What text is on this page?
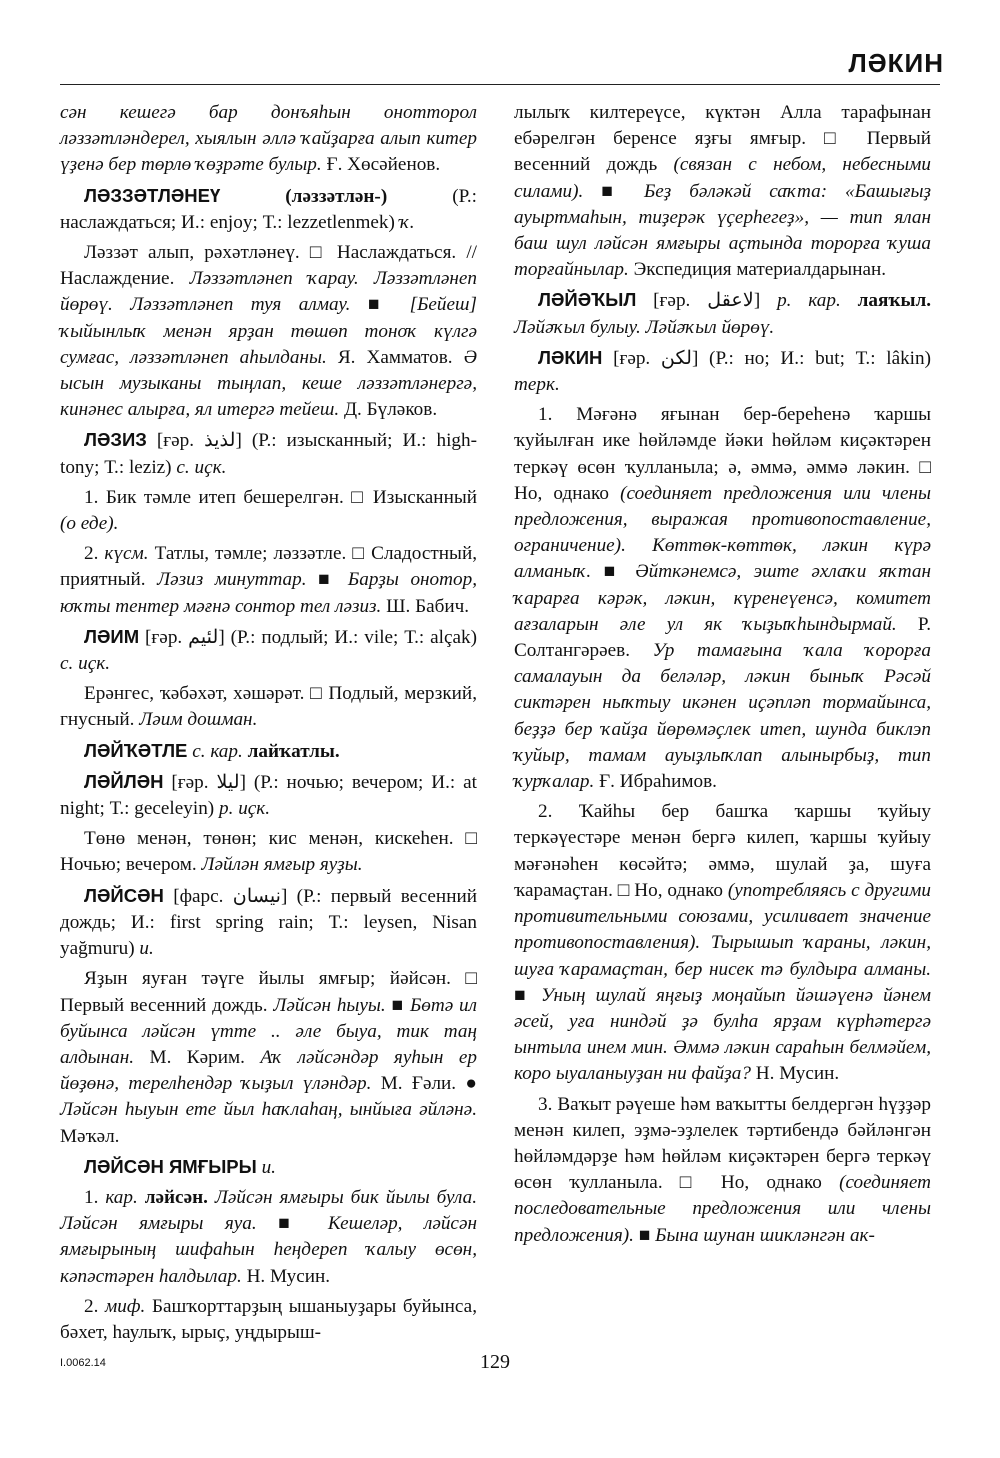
ЛӘКИН

сән кешегә бар донъяһын онотторол ләззәтләндерел, хыялын әллә ҡайҙарға алып китер үҙенә бер төрлө ҡөҙрәте булыр. Ғ. Хөсәйенов.

ЛӘЗЗӘТЛӘНЕҮ	(ләззәтлән-) (Р.: наслаждаться; И.: enjoy; Т.: lezzetlenmek) ҡ.

Ләззәт алып, рәхәтләнеү. □ Наслаждаться. // Наслаждение. Ләззәтләнеп ҡарау. Ләззәтләнеп йөрөү. Ләззәтләнеп туя алмау. ■ [Бейеш] ҡыйынлыҡ менән ярҙан төшөп тоноҡ күлгә сумғас, ләззәтләнеп аһылданы. Я. Хамматов. Ә ысын музыканы тыңлап, кеше ләззәтләнергә, кинәнес алырға, ял итергә тейеш. Д. Бүләков.

ЛӘЗИЗ [ғәр. لذيذ] (Р.: изысканный; И.: high-tony; Т.: leziz) с. иҫк.

1. Бик тәмле итеп бешерелгән. □ Изысканный (о еде).

2. күсм. Татлы, тәмле; ләззәтле. □ Сладостный, приятный. Ләзиз минуттар. ■ Барҙы онотор, юҡты тентер мәғнә сонтор тел ләзиз. Ш. Бабич.

ЛӘИМ [ғәр. لئيم] (Р.: подлый; И.: vile; Т.: alçak) с. иҫк.

Ерәнгес, ҡәбәхәт, хәшәрәт. □ Подлый, мерзкий, гнусный. Ләим дошман.

ЛӘЙҠӘТЛЕ с. кар. лайҡатлы.

ЛӘЙЛӘН [ғәр. ليلا] (Р.: ночью; вечером; И.: at night; Т.: geceleyin) р. иҫк.

Төнө менән, төнөн; кис менән, кискеһен. □ Ночью; вечером. Ләйлән ямғыр яуҙы.

ЛӘЙСӘН [фарс. نيسان] (Р.: первый весенний дождь; И.: first spring rain; Т.: leysen, Nisan yağmuru) и.

Яҙын яуған тәүге йылы ямғыр; йәйсән. □ Первый весенний дождь. Ләйсән һыуы. ■ Бөтә ил буйынса ләйсән үтте .. әле быуа, тик таң алдынан. М. Кәрим. Аҡ ләйсәндәр яуһын ер йөҙөнә, терелһендәр ҡыҙыл үләндәр. М. Ғәли. ● Ләйсән һыуын ете йыл һаҡлаһаң, ынйыға әйләнә. Мәҡәл.

ЛӘЙСӘН ЯМҒЫРЫ и.

1. кар. ләйсән. Ләйсән ямғыры бик йылы була. Ләйсән ямғыры яуа. ■ Кешеләр, ләйсән ямғырының шифаһын һеңдереп ҡалыу өсөн, кәпәстәрен һалдылар. Н. Мусин.

2. миф. Башҡорттарҙың ышаныуҙары буйынса, бәхет, һаулыҡ, ырыҫ, уңдырыш-

лылыҡ килтереүсе, күктән Алла тарафынан ебәрелгән беренсе яҙғы ямғыр. □ Первый весенний дождь (связан с небом, небесными силами). ■ Беҙ бәләкәй саҡта: «Башығыҙ ауыртмаһын, тиҙерәк үҫерһегеҙ», — тип ялан баш шул ләйсән ямғыры аҫтында торорға ҡуша торғайнылар. Экспедиция материалдарынан.

ЛӘЙӘҠЫЛ [ғәр. لاعقل] р. кар. лаяҡыл. Ләйәҡыл булыу. Ләйәҡыл йөрөү.

ЛӘКИН [ғәр. لكن] (Р.: но; И.: but; Т.: lâkin) терк.

1. Мәғәнә яғынан бер-береһенә ҡаршы ҡуйылған ике һөйләмде йәки һөйләм киҫәктәрен теркәү өсөн ҡулланыла; ә, әммә, әммә ләкин. □ Но, однако (соединяет предложения или члены предложения, выражая противопоставление, ограничение). Көттөк-көттөк, ләкин күрә алманыҡ. ■ Әйткәнемсә, эште әхлаҡи яҡтан ҡарарға кәрәк, ләкин, күренеүенсә, комитет ағзаларын әле ул як ҡыҙыҡһындырмай. Р. Солтангәрәев. Ур тамағына ҡала ҡорорға самалауын да беләләр, ләкин быныҡ Рәсәй сиктәрен ныҡтыу икәнен иҫәпләп тормайынса, беҙҙә бер ҡайҙа йөрөмәҫлек итеп, шунда биклэп ҡуйыр, тамам ауыҙлыҡлап алынырбыҙ, тип ҡурҡалар. Ғ. Ибраһимов.

2. Ҡайһы бер башҡа ҡаршы ҡуйыу теркәүестәре менән бергә килеп, ҡаршы ҡуйыу мәғәнәһен көсәйтә; әммә, шулай ҙа, шуға ҡарамаҫтан. □ Но, однако (употребляясь с другими противительными союзами, усиливает значение противопоставления). Тырышып ҡараны, ләкин, шуға ҡарамаҫтан, бер нисек тә булдыра алманы. ■ Уның шулай яңғыҙ моңайып йәшәүенә йәнем әсей, уға ниндәй ҙә булһа ярҙам күрһәтергә ынтыла инем мин. Әммә ләкин сараһын белмәйем, коро ыуаланыуҙан ни файҙа? Н. Мусин.

3. Ваҡыт рәүеше һәм ваҡытты белдергән һүҙҙәр менән килеп, эҙмә-эҙлелек тәртибендә бәйләнгән һөйләмдәрҙе һәм һөйләм киҫәктәрен бергә теркәү өсөн ҡулланыла. □ Но, однако (соединяет последовательные предложения или члены предложения). ■ Бына шунан шикләнгән ак-

129
I.0062.14
